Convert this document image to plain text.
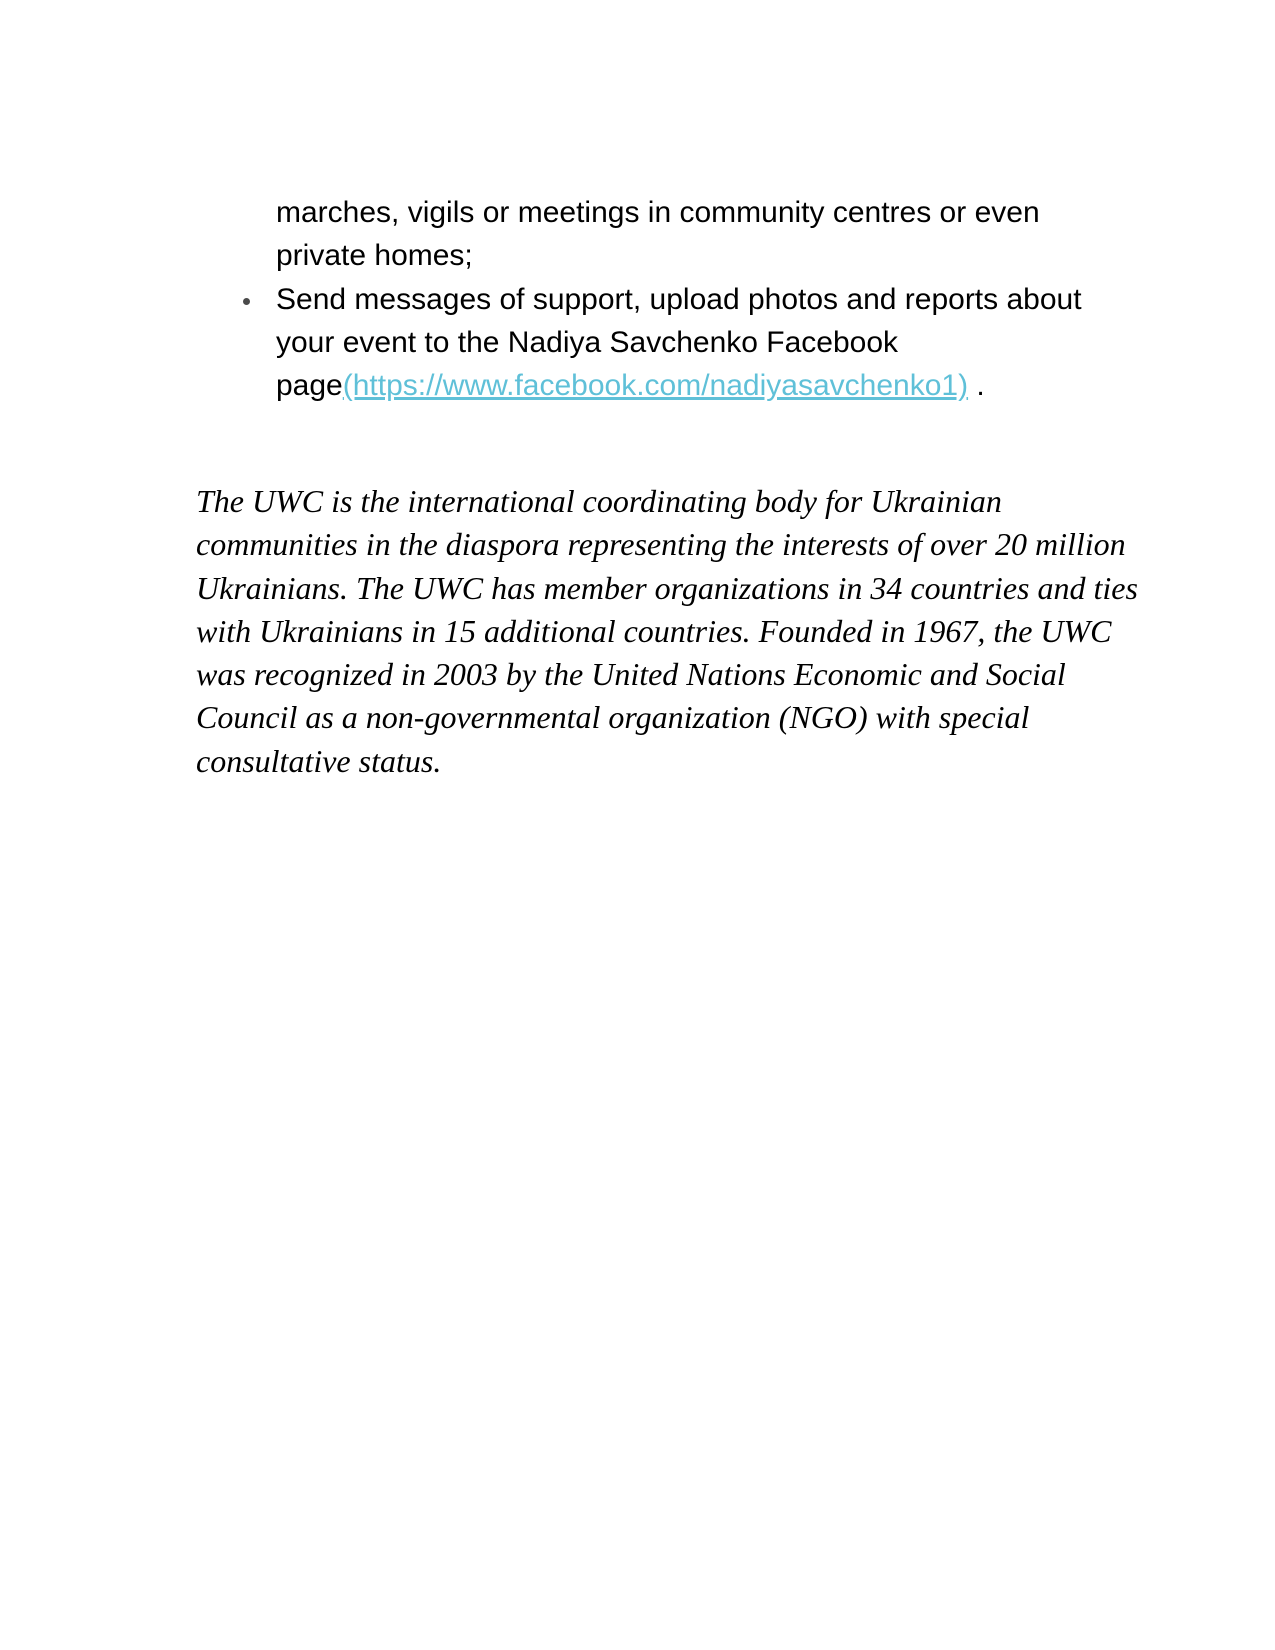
marches, vigils or meetings in community centres or even
private homes;
Send messages of support, upload photos and reports about
your event to the Nadiya Savchenko Facebook
page(https://www.facebook.com/nadiyasavchenko1) .
The UWC is the international coordinating body for Ukrainian
communities in the diaspora representing the interests of over 20 million
Ukrainians. The UWC has member organizations in 34 countries and ties
with Ukrainians in 15 additional countries. Founded in 1967, the UWC
was recognized in 2003 by the United Nations Economic and Social
Council as a non-governmental organization (NGO) with special
consultative status.
